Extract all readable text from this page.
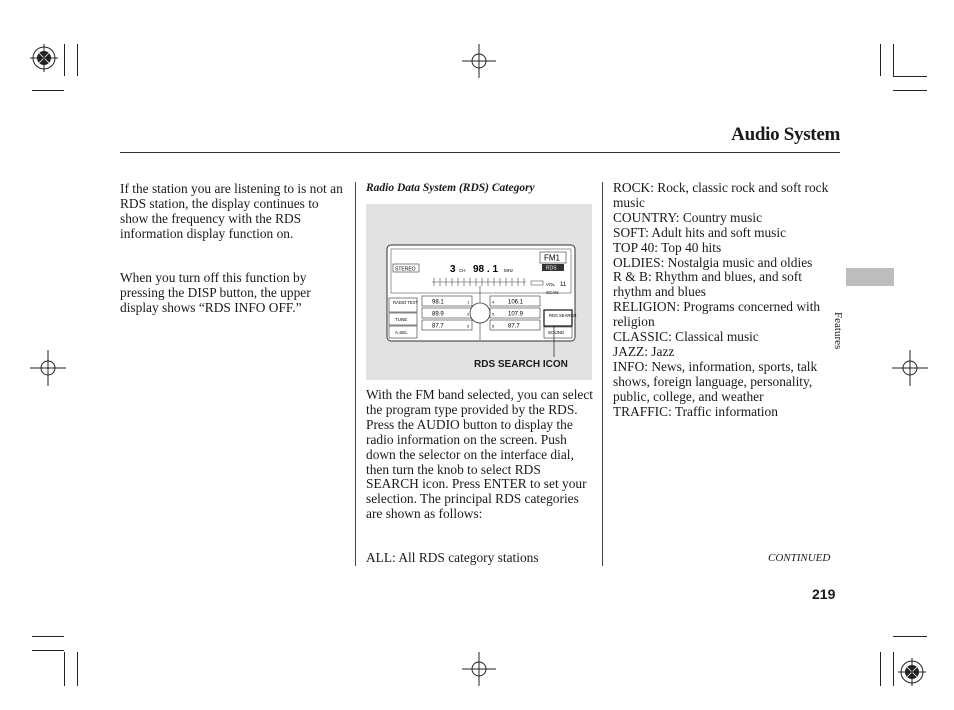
Audio System

If the station you are listening to is not an RDS station, the display continues to show the frequency with the RDS information display function on.

When you turn off this function by pressing the DISP button, the upper display shows “RDS INFO OFF.”

Radio Data System (RDS) Category
STEREO	3 CH 98 . 1 MHz
FM1
RDS
VOL 11
SCAN
RADIO TEXT
TUNE
A.SEL
98.1	1
89.9	2
87.7	3
4 106.1
5 107.9
6 87.7
RDS SEARCH
SOUND
RDS SEARCH ICON

With the FM band selected, you can select the program type provided by the RDS. Press the AUDIO button to display the radio information on the screen. Push down the selector on the interface dial, then turn the knob to select RDS SEARCH icon. Press ENTER to set your selection. The principal RDS categories are shown as follows:

ALL: All RDS category stations

ROCK: Rock, classic rock and soft rock music

COUNTRY: Country music

SOFT: Adult hits and soft music

TOP 40: Top 40 hits

OLDIES: Nostalgia music and oldies

R & B: Rhythm and blues, and soft rhythm and blues

RELIGION: Programs concerned with religion

CLASSIC: Classical music

JAZZ: Jazz

INFO: News, information, sports, talk shows, foreign language, personality, public, college, and weather

TRAFFIC: Traffic information

CONTINUED
219
Features
